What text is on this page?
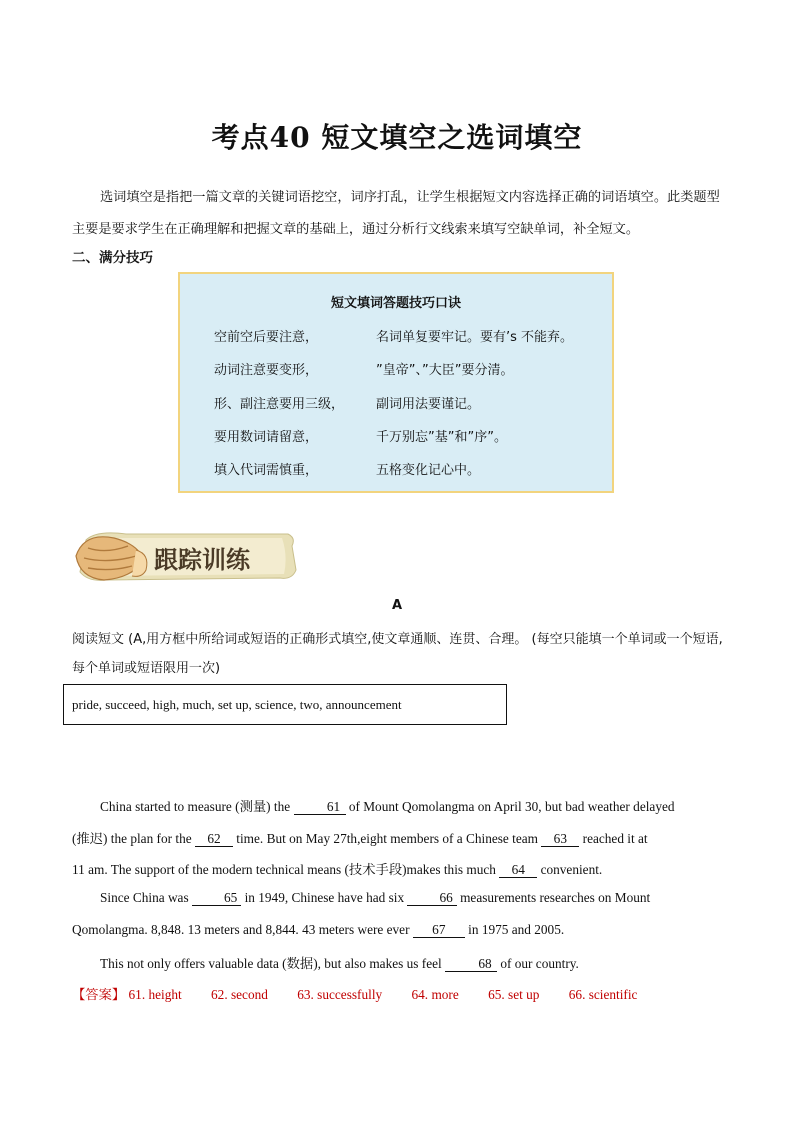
考点40 短文填空之选词填空
选词填空是指把一篇文章的关键词语挖空，词序打乱，让学生根据短文内容选择正确的词语填空。此类题型主要是要求学生在正确理解和把握文章的基础上，通过分析行文线索来填写空缺单词，补全短文。
二、满分技巧
短文填词答题技巧口诀
空前空后要注意，	名词单复要牢记。要有’s 不能弃。
动词注意要变形，	”皇帝”、”大臣”要分清。
形、副注意要用三级， 副词用法要谨记。
要用数词请留意，	千万别忘”基”和”序”。
填入代词需慎重，	五格变化记心中。
跟踪训练
A
阅读短文 (A,用方框中所给词或短语的正确形式填空,使文章通顺、连贯、合理。 (每空只能填一个单词或一个短语,每个单词或短语限用一次)
pride, succeed, high, much, set up, science, two, announcement
China started to measure (测量) the	61 of Mount Qomolangma on April 30, but bad weather delayed
(推迟) the plan for the 62 time. But on May 27th,eight members of a Chinese team 63 reached it at
11 am. The support of the modern technical means (技术手段)makes this much 64 convenient.
Since China was 65 in 1949, Chinese have had six 66 measurements researches on Mount
Qomolangma. 8,848. 13 meters and 8,844. 43 meters were ever 67 in 1975 and 2005.
This not only offers valuable data (数据), but also makes us feel	68 of our country.
【答案】 61. height 62. second 63. successfully 64. more 65. set up 66. scientific
